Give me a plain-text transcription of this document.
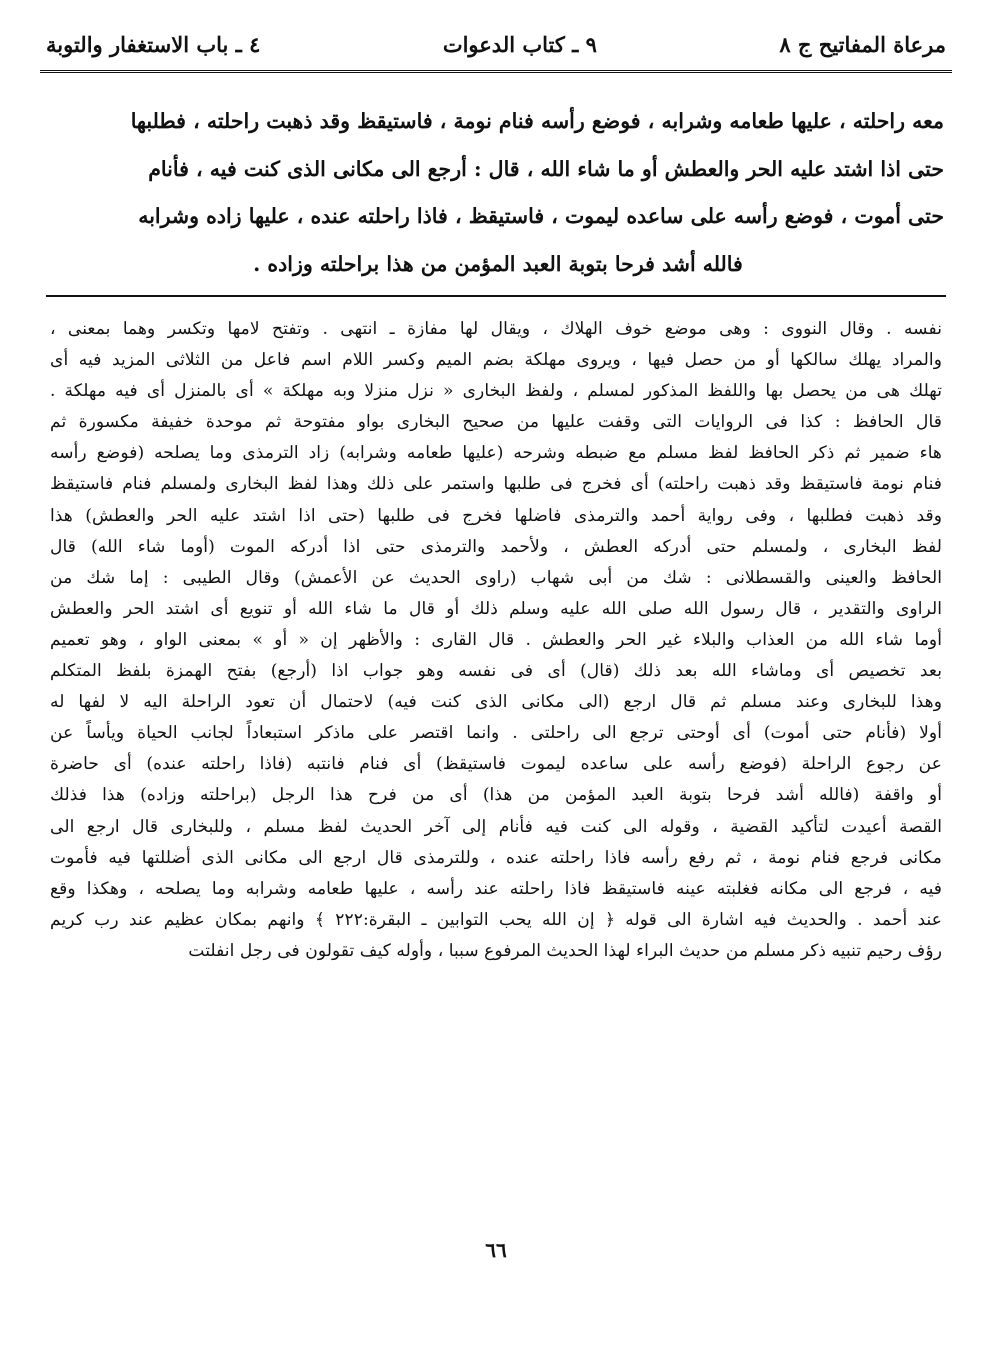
مرعاة المفاتيح ج ٨
٩ ـ كتاب الدعوات
٤ ـ باب الاستغفار والتوبة

معه راحلته ، عليها طعامه وشرابه ، فوضع رأسه فنام نومة ، فاستيقظ وقد ذهبت راحلته ، فطلبها

حتى اذا اشتد عليه الحر والعطش أو ما شاء الله ، قال : أرجع الى مكانى الذى كنت فيه ، فأنام

حتى أموت ، فوضع رأسه على ساعده ليموت ، فاستيقظ ، فاذا راحلته عنده ، عليها زاده وشرابه

فالله أشد فرحا بتوبة العبد المؤمن من هذا براحلته وزاده .

نفسه . وقال النووى : وهى موضع خوف الهلاك ، ويقال لها مفازة ـ انتهى . وتفتح لامها وتكسر وهما بمعنى ،

والمراد يهلك سالكها أو من حصل فيها ، ويروى مهلكة بضم الميم وكسر اللام اسم فاعل من الثلاثى المزيد فيه أى

تهلك هى من يحصل بها واللفظ المذكور لمسلم ، ولفظ البخارى « نزل منزلا وبه مهلكة » أى بالمنزل أى فيه مهلكة .

قال الحافظ : كذا فى الروايات التى وقفت عليها من صحيح البخارى بواو مفتوحة ثم موحدة خفيفة مكسورة ثم

هاء ضمير ثم ذكر الحافظ لفظ مسلم مع ضبطه وشرحه (عليها طعامه وشرابه) زاد الترمذى وما يصلحه (فوضع رأسه

فنام نومة فاستيقظ وقد ذهبت راحلته) أى فخرج فى طلبها واستمر على ذلك وهذا لفظ البخارى ولمسلم فنام فاستيقظ

وقد ذهبت فطلبها ، وفى رواية أحمد والترمذى فاضلها فخرج فى طلبها (حتى اذا اشتد عليه الحر والعطش) هذا

لفظ البخارى ، ولمسلم حتى أدركه العطش ، ولأحمد والترمذى حتى اذا أدركه الموت (أوما شاء الله) قال

الحافظ والعينى والقسطلانى : شك من أبى شهاب (راوى الحديث عن الأعمش) وقال الطيبى : إما شك من

الراوى والتقدير ، قال رسول الله صلى الله عليه وسلم ذلك أو قال ما شاء الله أو تنويع أى اشتد الحر والعطش

أوما شاء الله من العذاب والبلاء غير الحر والعطش . قال القارى : والأظهر إن « أو » بمعنى الواو ، وهو تعميم

بعد تخصيص أى وماشاء الله بعد ذلك (قال) أى فى نفسه وهو جواب اذا (أرجع) بفتح الهمزة بلفظ المتكلم

وهذا للبخارى وعند مسلم ثم قال ارجع (الى مكانى الذى كنت فيه) لاحتمال أن تعود الراحلة اليه لا لفها له

أولا (فأنام حتى أموت) أى أوحتى ترجع الى راحلتى . وانما اقتصر على ماذكر استبعاداً لجانب الحياة ويأساً عن

عن رجوع الراحلة (فوضع رأسه على ساعده ليموت فاستيقظ) أى فنام فانتبه (فاذا راحلته عنده) أى حاضرة

أو واقفة (فالله أشد فرحا بتوبة العبد المؤمن من هذا) أى من فرح هذا الرجل (براحلته وزاده) هذا فذلك

القصة أعيدت لتأكيد القضية ، وقوله الى كنت فيه فأنام إلى آخر الحديث لفظ مسلم ، وللبخارى قال ارجع الى

مكانى فرجع فنام نومة ، ثم رفع رأسه فاذا راحلته عنده ، وللترمذى قال ارجع الى مكانى الذى أضللتها فيه فأموت

فيه ، فرجع الى مكانه فغلبته عينه فاستيقظ فاذا راحلته عند رأسه ، عليها طعامه وشرابه وما يصلحه ، وهكذا وقع

عند أحمد . والحديث فيه اشارة الى قوله ﴿ إن الله يحب التوابين ـ البقرة:٢٢٢ ﴾ وانهم بمكان عظيم عند رب كريم

رؤف رحيم تنبيه ذكر مسلم من حديث البراء لهذا الحديث المرفوع سببا ، وأوله كيف تقولون فى رجل انفلتت

٦٦
